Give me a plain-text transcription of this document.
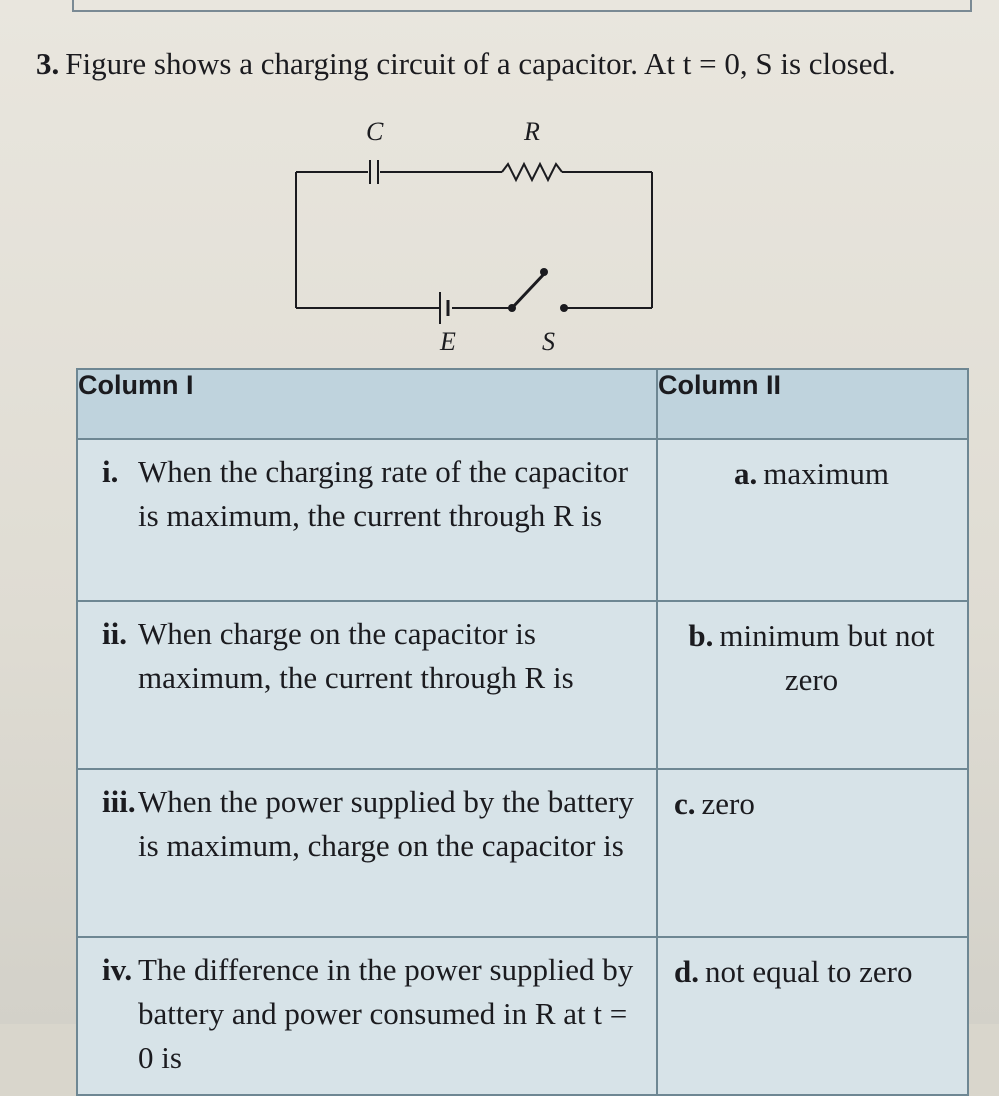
3. Figure shows a charging circuit of a capacitor. At t = 0, S is closed.
C	R
E	S
Column I	Column II

i. When the charging rate of the capacitor is maximum, the current through R is	a. maximum

ii. When charge on the capacitor is maximum, the current through R is	b. minimum but not zero

iii. When the power supplied by the battery is maximum, charge on the capacitor is	c. zero

iv. The difference in the power supplied by battery and power consumed in R at t = 0 is	d. not equal to zero
